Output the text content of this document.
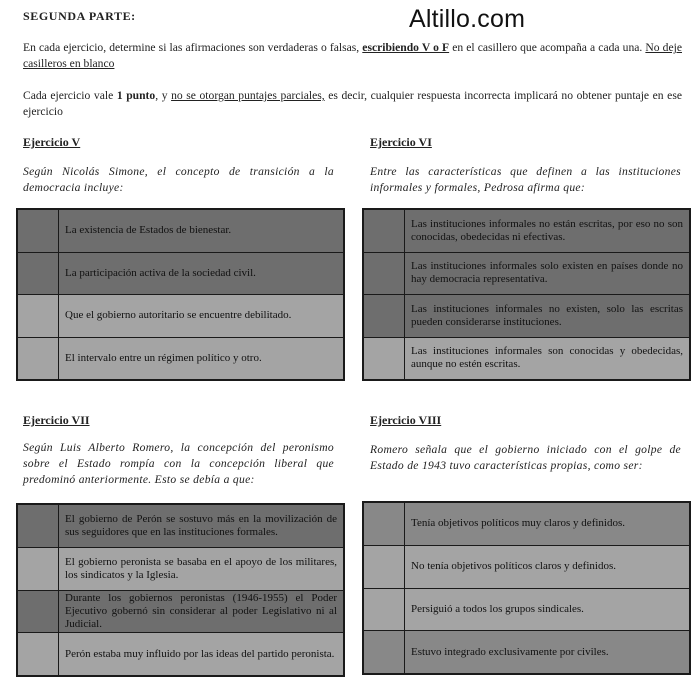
Altillo.com
SEGUNDA PARTE:
En cada ejercicio, determine si las afirmaciones son verdaderas o falsas, escribiendo V o F en el casillero que acompaña a cada una. No deje casilleros en blanco
Cada ejercicio vale 1 punto, y no se otorgan puntajes parciales, es decir, cualquier respuesta incorrecta implicará no obtener puntaje en ese ejercicio
Ejercicio V
Según Nicolás Simone, el concepto de transición a la democracia incluye:
La existencia de Estados de bienestar.
La participación activa de la sociedad civil.
Que el gobierno autoritario se encuentre debilitado.
El intervalo entre un régimen político y otro.
Ejercicio VI
Entre las características que definen a las instituciones informales y formales, Pedrosa afirma que:
Las instituciones informales no están escritas, por eso no son conocidas, obedecidas ni efectivas.
Las instituciones informales solo existen en países donde no hay democracia representativa.
Las instituciones informales no existen, solo las escritas pueden considerarse instituciones.
Las instituciones informales son conocidas y obedecidas, aunque no estén escritas.
Ejercicio VII
Según Luis Alberto Romero, la concepción del peronismo sobre el Estado rompía con la concepción liberal que predominó anteriormente. Esto se debía a que:
El gobierno de Perón se sostuvo más en la movilización de sus seguidores que en las instituciones formales.
El gobierno peronista se basaba en el apoyo de los militares, los sindicatos y la Iglesia.
Durante los gobiernos peronistas (1946-1955) el Poder Ejecutivo gobernó sin considerar al poder Legislativo ni al Judicial.
Perón estaba muy influido por las ideas del partido peronista.
Ejercicio VIII
Romero señala que el gobierno iniciado con el golpe de Estado de 1943 tuvo características propias, como ser:
Tenía objetivos políticos muy claros y definidos.
No tenía objetivos políticos claros y definidos.
Persiguió a todos los grupos sindicales.
Estuvo integrado exclusivamente por civiles.
